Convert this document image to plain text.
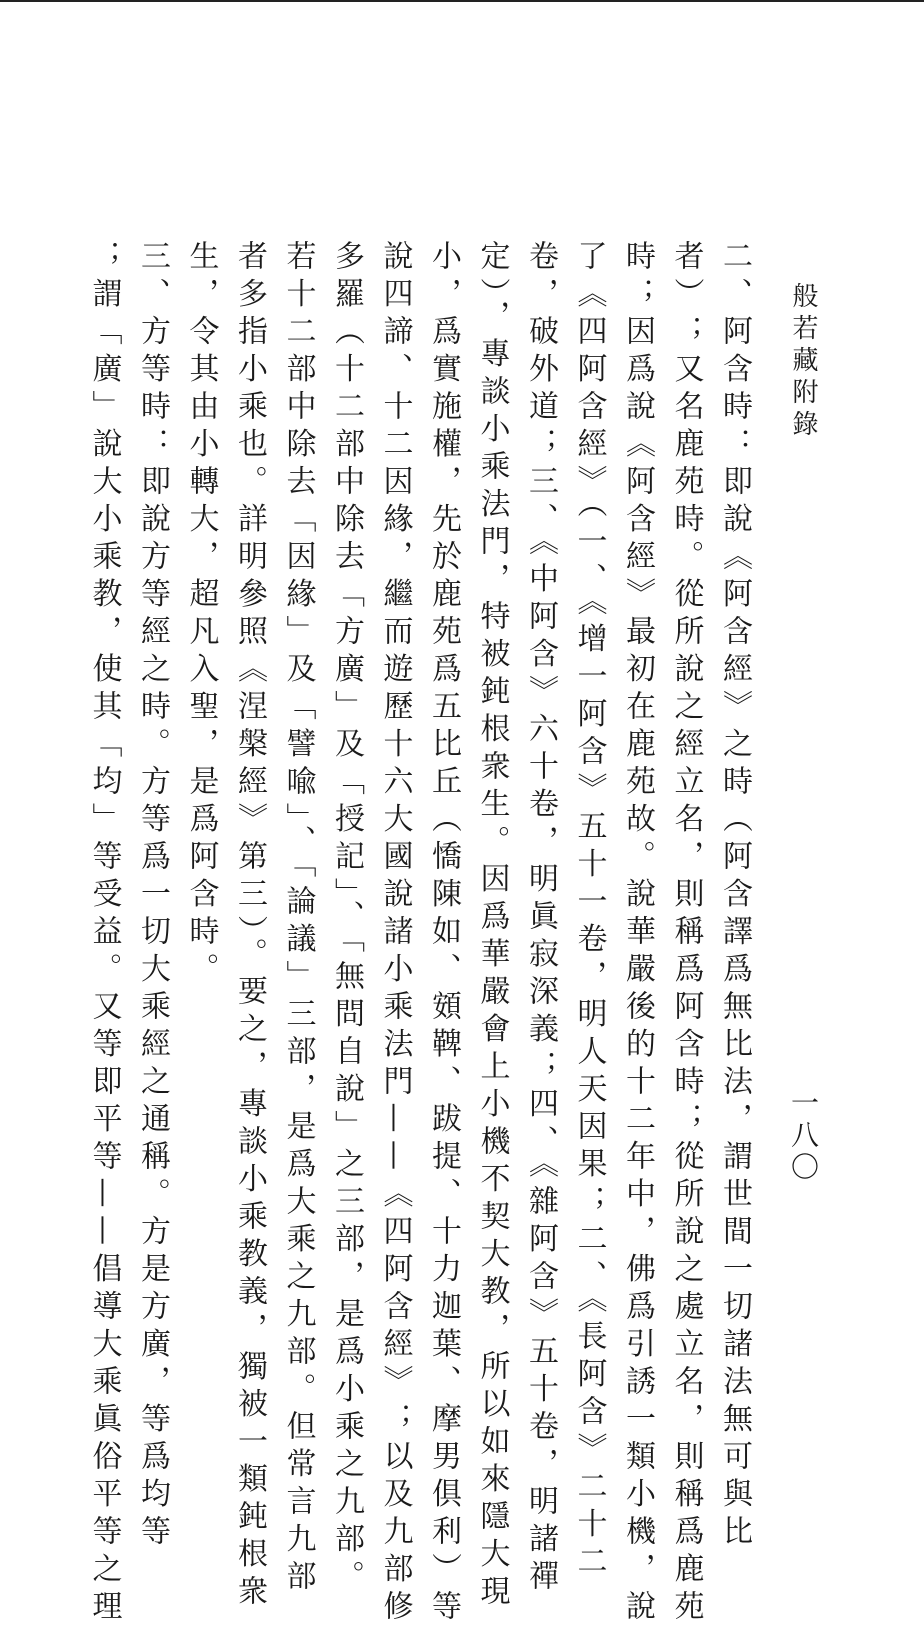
般若藏附錄
一八〇
二、阿含時：即說《阿含經》之時（阿含譯爲無比法，謂世間一切諸法無可與比
者）；又名鹿苑時。從所說之經立名，則稱爲阿含時；從所說之處立名，則稱爲鹿苑
時；因爲說《阿含經》最初在鹿苑故。說華嚴後的十二年中，佛爲引誘一類小機，說
了《四阿含經》（一、《增一阿含》五十一卷，明人天因果；二、《長阿含》二十二
卷，破外道；三、《中阿含》六十卷，明眞寂深義；四、《雜阿含》五十卷，明諸禪
定），專談小乘法門，特被鈍根衆生。因爲華嚴會上小機不契大教，所以如來隱大現
小，爲實施權，先於鹿苑爲五比丘（憍陳如、頞鞞、跋提、十力迦葉、摩男俱利）等
說四諦、十二因緣，繼而遊歷十六大國說諸小乘法門——《四阿含經》；以及九部修
多羅（十二部中除去「方廣」及「授記」、「無問自說」之三部，是爲小乘之九部。
若十二部中除去「因緣」及「譬喩」、「論議」三部，是爲大乘之九部。但常言九部
者多指小乘也。詳明參照《涅槃經》第三）。要之，專談小乘教義，獨被一類鈍根衆
生，令其由小轉大，超凡入聖，是爲阿含時。
三、方等時：即說方等經之時。方等爲一切大乘經之通稱。方是方廣，等爲均等
；謂「廣」說大小乘教，使其「均」等受益。又等即平等——倡導大乘眞俗平等之理
